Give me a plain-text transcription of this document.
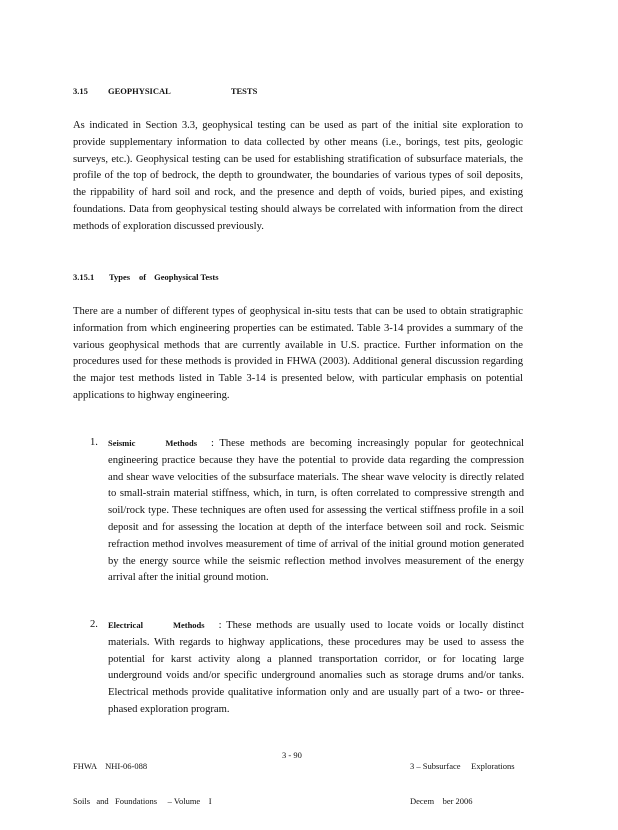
3.15 GEOPHYSICAL	TESTS

As indicated in Section 3.3, geophysical testing can be used as part of the initial site exploration to provide supplementary information to data collected by other means (i.e., borings, test pits, geologic surveys, etc.). Geophysical testing can be used for establishing stratification of subsurface materials, the profile of the top of bedrock, the depth to groundwater, the boundaries of various types of soil deposits, the rippability of hard soil and rock, and the presence and depth of voids, buried pipes, and existing foundations. Data from geophysical testing should always be correlated with information from the direct methods of exploration discussed previously.

3.15.1 Types of Geophysical Tests

There are a number of different types of geophysical in-situ tests that can be used to obtain stratigraphic information from which engineering properties can be estimated. Table 3-14 provides a summary of the various geophysical methods that are currently available in U.S. practice. Further information on the procedures used for these methods is provided in FHWA (2003). Additional general discussion regarding the major test methods listed in Table 3-14 is presented below, with particular emphasis on potential applications to highway engineering.

1. Seismic	Methods : These methods are becoming increasingly popular for geotechnical engineering practice because they have the potential to provide data regarding the compression and shear wave velocities of the subsurface materials. The shear wave velocity is directly related to small-strain material stiffness, which, in turn, is often correlated to compressive strength and soil/rock type. These techniques are often used for assessing the vertical stiffness profile in a soil deposit and for assessing the location at depth of the interface between soil and rock. Seismic refraction method involves measurement of time of arrival of the initial ground motion generated by the energy source while the seismic reflection method involves measurement of the energy arrival after the initial ground motion.
2. Electrical	Methods : These methods are usually used to locate voids or locally distinct materials. With regards to highway applications, these procedures may be used to assess the potential for karst activity along a planned transportation corridor, or for locating large underground voids and/or specific underground anomalies such as storage drums and/or tanks. Electrical methods provide qualitative information only and are usually part of a two- or three-phased exploration program.

FHWA    NHI-06-088

Soils   and   Foundations     – Volume    I

3 - 90

3 – Subsurface     Explorations

Decem    ber 2006
